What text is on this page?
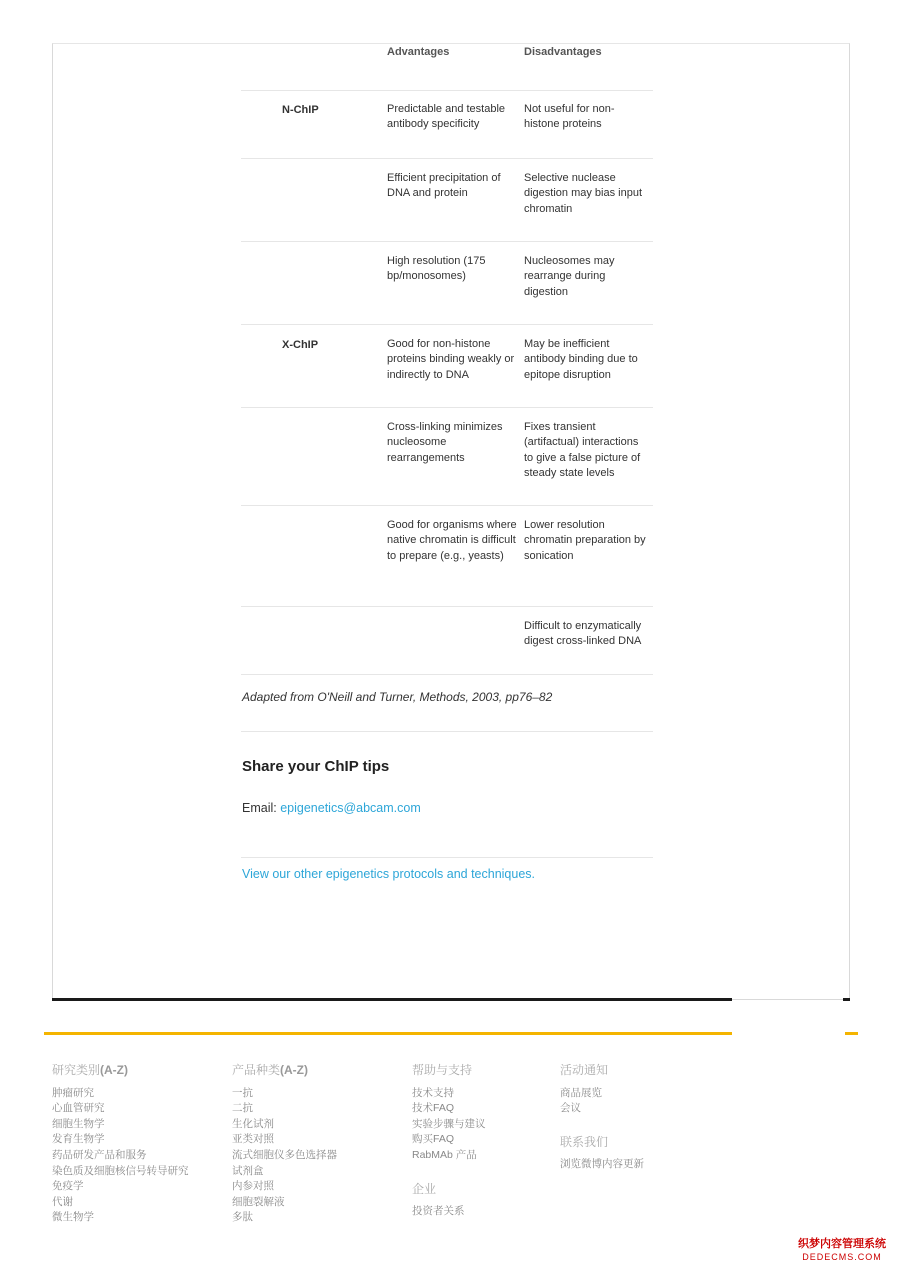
	Advantages	Disadvantages

N-ChIP	Predictable and testable antibody specificity	Not useful for non-histone proteins

	Efficient precipitation of DNA and protein	Selective nuclease digestion may bias input chromatin

	High resolution (175 bp/monosomes)	Nucleosomes may rearrange during digestion

X-ChIP	Good for non-histone proteins binding weakly or indirectly to DNA	May be inefficient antibody binding due to epitope disruption

	Cross-linking minimizes nucleosome rearrangements	Fixes transient (artifactual) interactions to give a false picture of steady state levels

	Good for organisms where native chromatin is difficult to prepare (e.g., yeasts)	Lower resolution chromatin preparation by sonication

		Difficult to enzymatically digest cross-linked DNA
Adapted from O'Neill and Turner, Methods, 2003, pp76–82
Share your ChIP tips
Email: epigenetics@abcam.com
View our other epigenetics protocols and techniques.
研究类别(A-Z)
肿瘤研究
心血管研究
细胞生物学
发育生物学
药品研发产品和服务
染色质及细胞核信号转导研究
免疫学
代谢
微生物学
产品种类(A-Z)
一抗
二抗
生化试剂
亚类对照
流式细胞仪多色选择器
试剂盒
内参对照
细胞裂解液
多肽
帮助与支持
技术支持
技术FAQ
实验步骤与建议
购买FAQ
RabMAb 产品
企业
投资者关系
活动通知
商品展览
会议
联系我们
浏览微博内容更新
织梦内容管理系统
DEDECMS.COM
